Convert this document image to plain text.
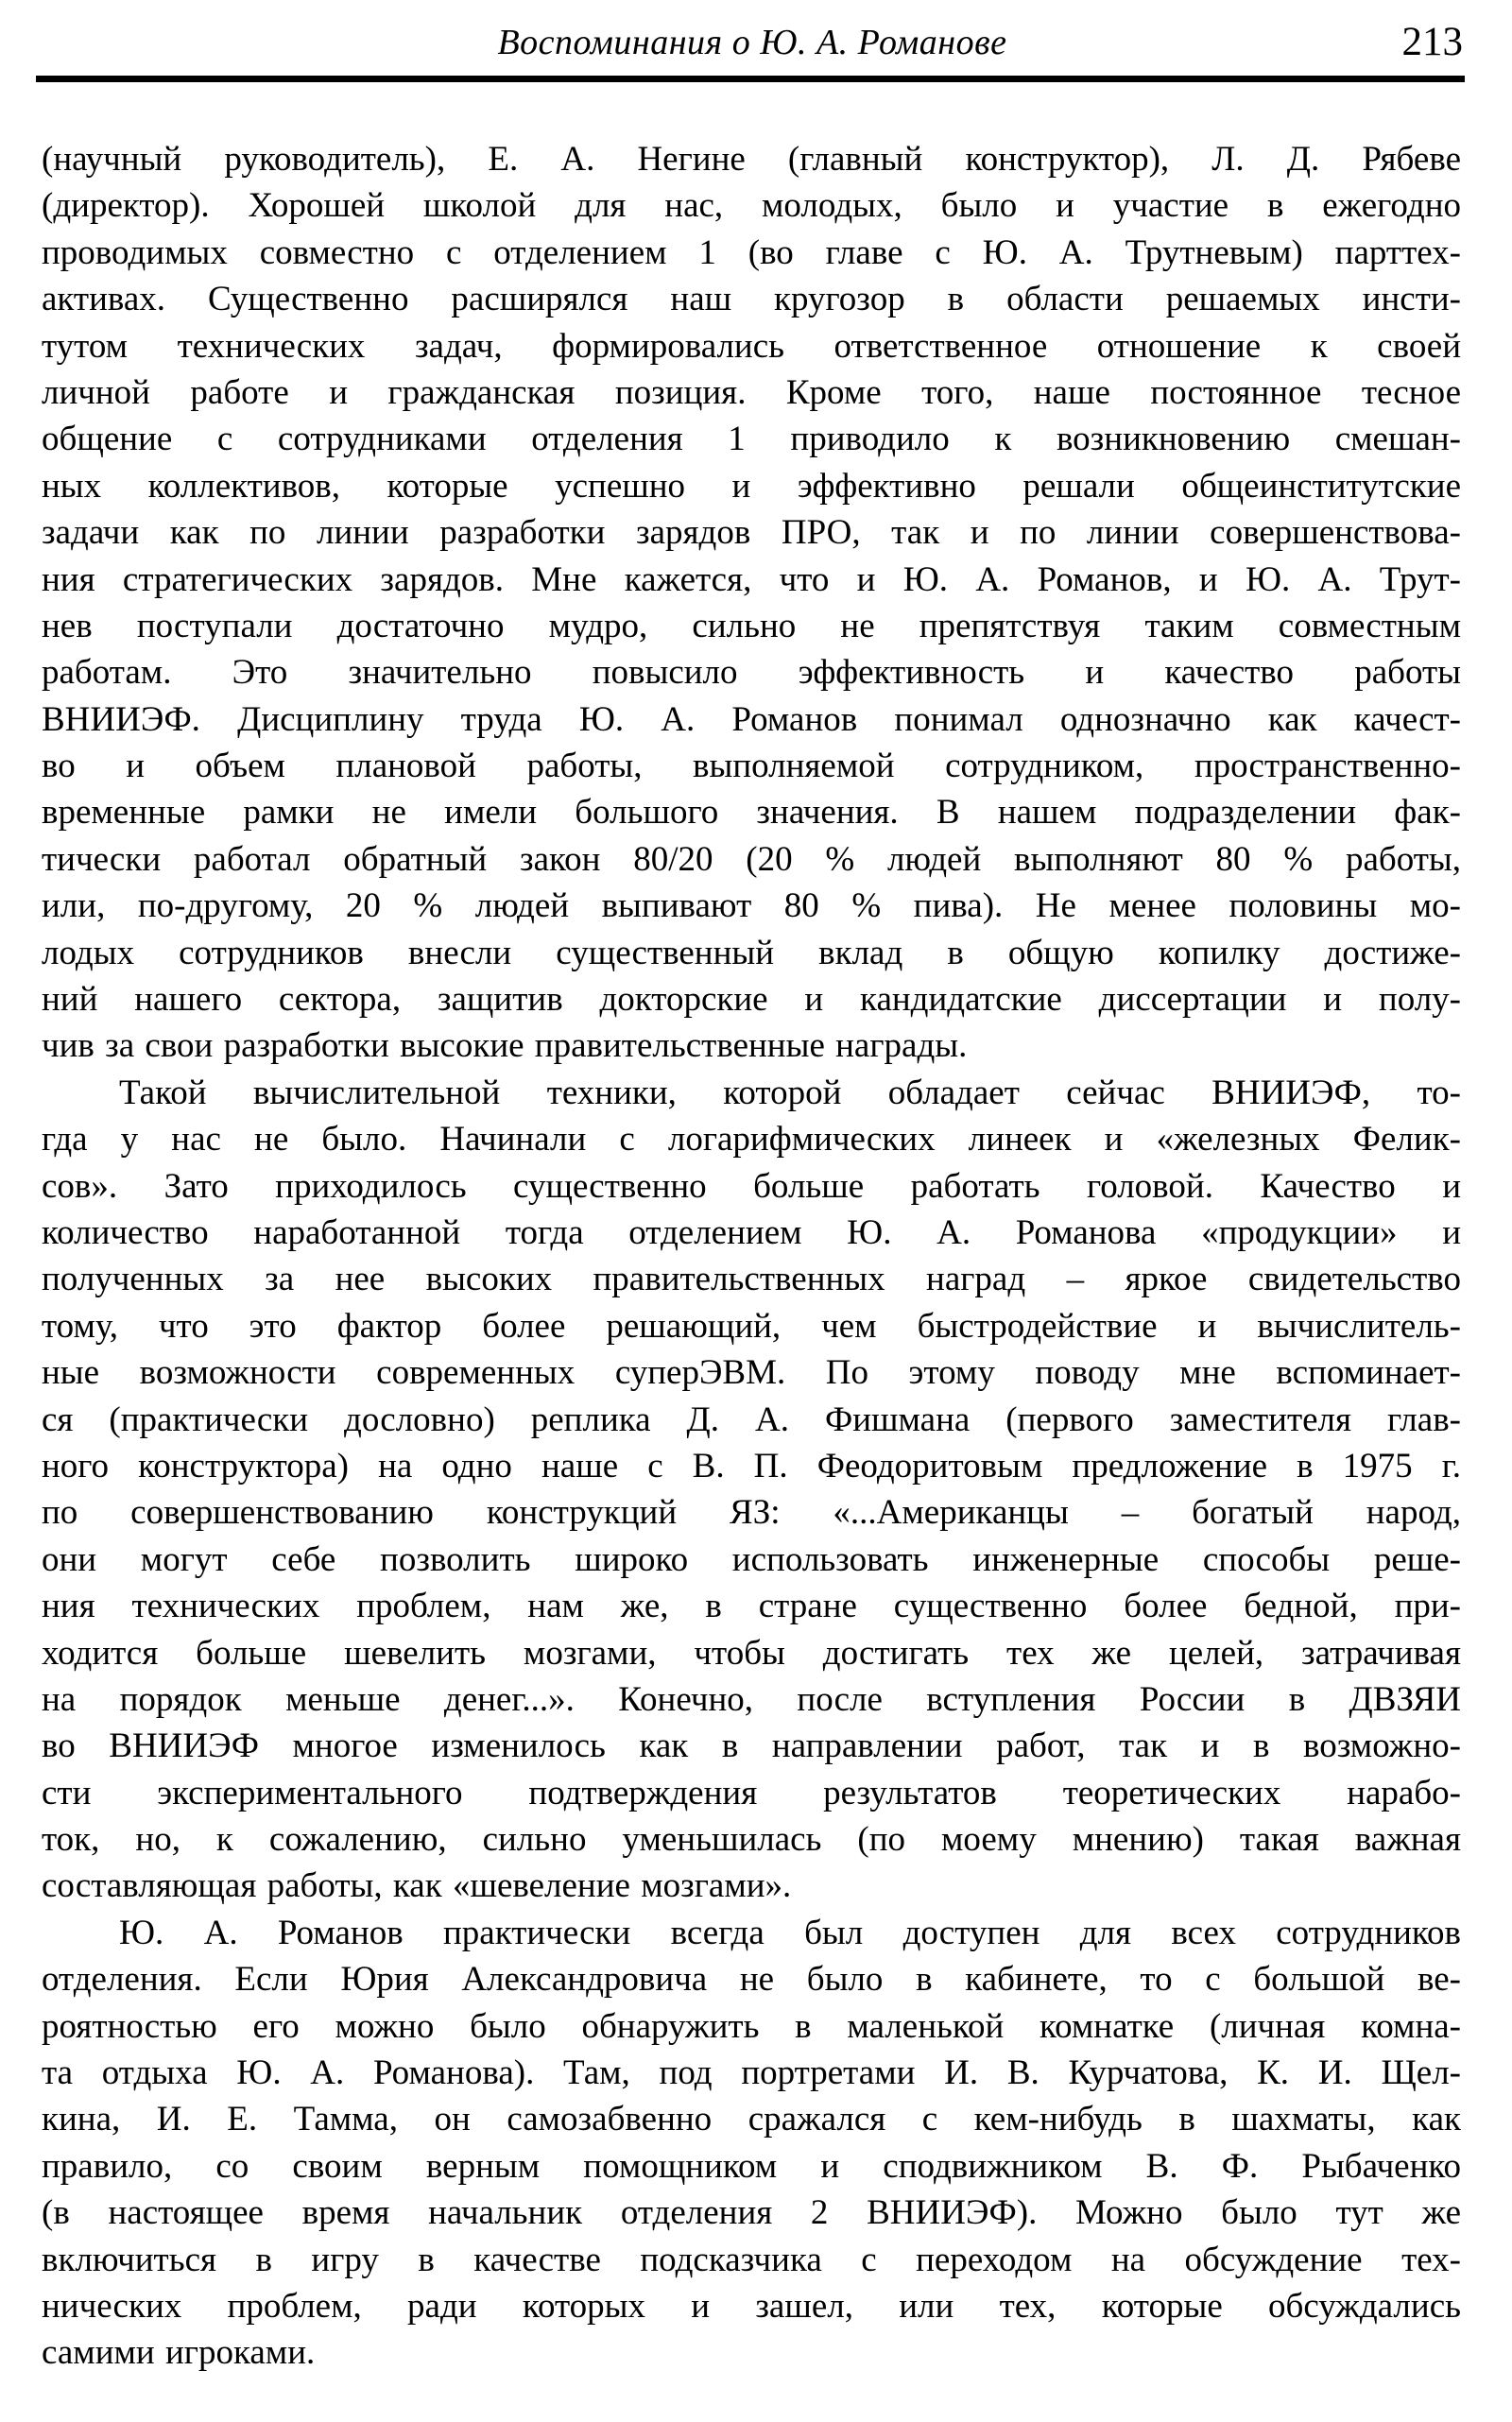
Воспоминания о Ю. А. Романове	213
(научный руководитель), Е. А. Негине (главный конструктор), Л. Д. Рябеве
(директор). Хорошей школой для нас, молодых, было и участие в ежегодно
проводимых совместно с отделением 1 (во главе с Ю. А. Трутневым) парттех-
активах. Существенно расширялся наш кругозор в области решаемых инсти-
тутом технических задач, формировались ответственное отношение к своей
личной работе и гражданская позиция. Кроме того, наше постоянное тесное
общение с сотрудниками отделения 1 приводило к возникновению смешан-
ных коллективов, которые успешно и эффективно решали общеинститутские
задачи как по линии разработки зарядов ПРО, так и по линии совершенствова-
ния стратегических зарядов. Мне кажется, что и Ю. А. Романов, и Ю. А. Трут-
нев поступали достаточно мудро, сильно не препятствуя таким совместным
работам. Это значительно повысило эффективность и качество работы
ВНИИЭФ. Дисциплину труда Ю. А. Романов понимал однозначно как качест-
во и объем плановой работы, выполняемой сотрудником, пространственно-
временные рамки не имели большого значения. В нашем подразделении фак-
тически работал обратный закон 80/20 (20 % людей выполняют 80 % работы,
или, по-другому, 20 % людей выпивают 80 % пива). Не менее половины мо-
лодых сотрудников внесли существенный вклад в общую копилку достиже-
ний нашего сектора, защитив докторские и кандидатские диссертации и полу-
чив за свои разработки высокие правительственные награды.
Такой вычислительной техники, которой обладает сейчас ВНИИЭФ, то-
гда у нас не было. Начинали с логарифмических линеек и «железных Фелик-
сов». Зато приходилось существенно больше работать головой. Качество и
количество наработанной тогда отделением Ю. А. Романова «продукции» и
полученных за нее высоких правительственных наград – яркое свидетельство
тому, что это фактор более решающий, чем быстродействие и вычислитель-
ные возможности современных суперЭВМ. По этому поводу мне вспоминает-
ся (практически дословно) реплика Д. А. Фишмана (первого заместителя глав-
ного конструктора) на одно наше с В. П. Феодоритовым предложение в 1975 г.
по совершенствованию конструкций ЯЗ: «...Американцы – богатый народ,
они могут себе позволить широко использовать инженерные способы реше-
ния технических проблем, нам же, в стране существенно более бедной, при-
ходится больше шевелить мозгами, чтобы достигать тех же целей, затрачивая
на порядок меньше денег...». Конечно, после вступления России в ДВЗЯИ
во ВНИИЭФ многое изменилось как в направлении работ, так и в возможно-
сти экспериментального подтверждения результатов теоретических нарабо-
ток, но, к сожалению, сильно уменьшилась (по моему мнению) такая важная
составляющая работы, как «шевеление мозгами».
Ю. А. Романов практически всегда был доступен для всех сотрудников
отделения. Если Юрия Александровича не было в кабинете, то с большой ве-
роятностью его можно было обнаружить в маленькой комнатке (личная комна-
та отдыха Ю. А. Романова). Там, под портретами И. В. Курчатова, К. И. Щел-
кина, И. Е. Тамма, он самозабвенно сражался с кем-нибудь в шахматы, как
правило, со своим верным помощником и сподвижником В. Ф. Рыбаченко
(в настоящее время начальник отделения 2 ВНИИЭФ). Можно было тут же
включиться в игру в качестве подсказчика с переходом на обсуждение тех-
нических проблем, ради которых и зашел, или тех, которые обсуждались
самими игроками.
